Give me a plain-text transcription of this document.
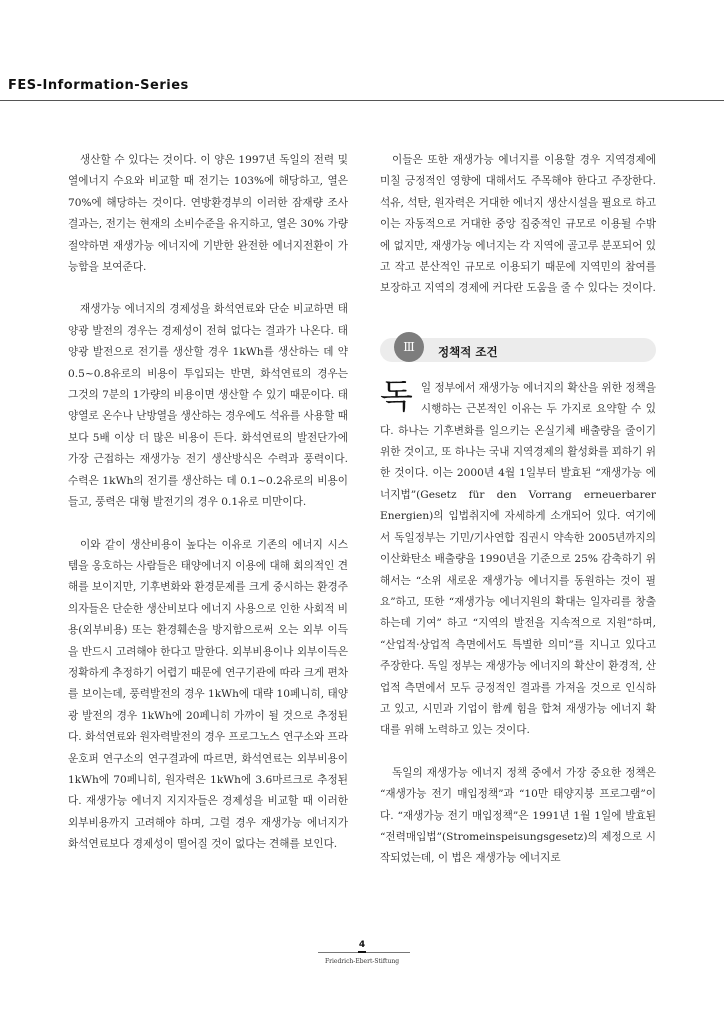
FES-Information-Series

생산할 수 있다는 것이다. 이 양은 1997년 독일의 전력 및 열에너지 수요와 비교할 때 전기는 103%에 해당하고, 열은 70%에 해당하는 것이다. 연방환경부의 이러한 잠재량 조사결과는, 전기는 현재의 소비수준을 유지하고, 열은 30% 가량 절약하면 재생가능 에너지에 기반한 완전한 에너지전환이 가능함을 보여준다.

재생가능 에너지의 경제성을 화석연료와 단순 비교하면 태양광 발전의 경우는 경제성이 전혀 없다는 결과가 나온다. 태양광 발전으로 전기를 생산할 경우 1kWh를 생산하는 데 약 0.5~0.8유로의 비용이 투입되는 반면, 화석연료의 경우는 그것의 7분의 1가량의 비용이면 생산할 수 있기 때문이다. 태양열로 온수나 난방열을 생산하는 경우에도 석유를 사용할 때보다 5배 이상 더 많은 비용이 든다. 화석연료의 발전단가에 가장 근접하는 재생가능 전기 생산방식은 수력과 풍력이다. 수력은 1kWh의 전기를 생산하는 데 0.1~0.2유로의 비용이 들고, 풍력은 대형 발전기의 경우 0.1유로 미만이다.

이와 같이 생산비용이 높다는 이유로 기존의 에너지 시스템을 옹호하는 사람들은 태양에너지 이용에 대해 회의적인 견해를 보이지만, 기후변화와 환경문제를 크게 중시하는 환경주의자들은 단순한 생산비보다 에너지 사용으로 인한 사회적 비용(외부비용) 또는 환경훼손을 방지함으로써 오는 외부 이득을 반드시 고려해야 한다고 말한다. 외부비용이나 외부이득은 정확하게 추정하기 어렵기 때문에 연구기관에 따라 크게 편차를 보이는데, 풍력발전의 경우 1kWh에 대략 10페니히, 태양광 발전의 경우 1kWh에 20페니히 가까이 될 것으로 추정된다. 화석연료와 원자력발전의 경우 프로그노스 연구소와 프라운호퍼 연구소의 연구결과에 따르면, 화석연료는 외부비용이 1kWh에 70페니히, 원자력은 1kWh에 3.6마르크로 추정된다. 재생가능 에너지 지지자들은 경제성을 비교할 때 이러한 외부비용까지 고려해야 하며, 그럴 경우 재생가능 에너지가 화석연료보다 경제성이 떨어질 것이 없다는 견해를 보인다.

이들은 또한 재생가능 에너지를 이용할 경우 지역경제에 미칠 긍정적인 영향에 대해서도 주목해야 한다고 주장한다. 석유, 석탄, 원자력은 거대한 에너지 생산시설을 필요로 하고 이는 자동적으로 거대한 중앙 집중적인 규모로 이용될 수밖에 없지만, 재생가능 에너지는 각 지역에 골고루 분포되어 있고 작고 분산적인 규모로 이용되기 때문에 지역민의 참여를 보장하고 지역의 경제에 커다란 도움을 줄 수 있다는 것이다.

Ⅲ	정책적 조건

독일 정부에서 재생가능 에너지의 확산을 위한 정책을 시행하는 근본적인 이유는 두 가지로 요약할 수 있다. 하나는 기후변화를 일으키는 온실기체 배출량을 줄이기 위한 것이고, 또 하나는 국내 지역경제의 활성화를 꾀하기 위한 것이다. 이는 2000년 4월 1일부터 발효된 “재생가능 에너지법”(Gesetz für den Vorrang erneuerbarer Energien)의 입법취지에 자세하게 소개되어 있다. 여기에서 독일정부는 기민/기사연합 집권시 약속한 2005년까지의 이산화탄소 배출량을 1990년을 기준으로 25% 감축하기 위해서는 “소위 새로운 재생가능 에너지를 동원하는 것이 필요”하고, 또한 “재생가능 에너지원의 확대는 일자리를 창출하는데 기여” 하고 “지역의 발전을 지속적으로 지원”하며, “산업적·상업적 측면에서도 특별한 의미”를 지니고 있다고 주장한다. 독일 정부는 재생가능 에너지의 확산이 환경적, 산업적 측면에서 모두 긍정적인 결과를 가져올 것으로 인식하고 있고, 시민과 기업이 함께 힘을 합쳐 재생가능 에너지 확대를 위해 노력하고 있는 것이다.

독일의 재생가능 에너지 정책 중에서 가장 중요한 정책은 “재생가능 전기 매입정책”과 “10만 태양지붕 프로그램”이다. “재생가능 전기 매입정책”은 1991년 1월 1일에 발효된 “전력매입법”(Stromeinspeisungsgesetz)의 제정으로 시작되었는데, 이 법은 재생가능 에너지로

4
Friedrich-Ebert-Stiftung
